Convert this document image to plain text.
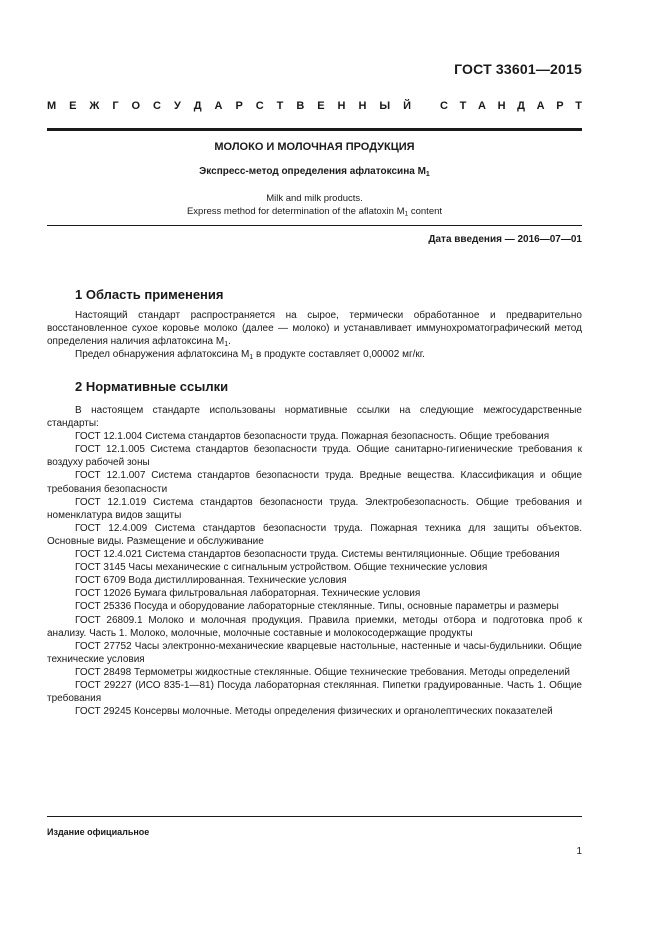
ГОСТ 33601—2015
М Е Ж Г О С У Д А Р С Т В Е Н Н Ы Й	С Т А Н Д А Р Т
МОЛОКО И МОЛОЧНАЯ ПРОДУКЦИЯ
Экспресс-метод определения афлатоксина $M_1$
Milk and milk products.
Express method for determination of the aflatoxin $M_1$ content
Дата введения — 2016—07—01
1 Область применения

Настоящий стандарт распространяется на сырое, термически обработанное и предварительно восстановленное сухое коровье молоко (далее — молоко) и устанавливает иммунохроматографический метод определения наличия афлатоксина $M_1$.

Предел обнаружения афлатоксина $M_1$ в продукте составляет 0,00002 мг/кг.

2 Нормативные ссылки

В настоящем стандарте использованы нормативные ссылки на следующие межгосударственные стандарты:

ГОСТ 12.1.004 Система стандартов безопасности труда. Пожарная безопасность. Общие требования

ГОСТ 12.1.005 Система стандартов безопасности труда. Общие санитарно-гигиенические требования к воздуху рабочей зоны

ГОСТ 12.1.007 Система стандартов безопасности труда. Вредные вещества. Классификация и общие требования безопасности

ГОСТ 12.1.019 Система стандартов безопасности труда. Электробезопасность. Общие требования и номенклатура видов защиты

ГОСТ 12.4.009 Система стандартов безопасности труда. Пожарная техника для защиты объектов. Основные виды. Размещение и обслуживание

ГОСТ 12.4.021 Система стандартов безопасности труда. Системы вентиляционные. Общие требования

ГОСТ 3145 Часы механические с сигнальным устройством. Общие технические условия

ГОСТ 6709 Вода дистиллированная. Технические условия

ГОСТ 12026 Бумага фильтровальная лабораторная. Технические условия

ГОСТ 25336 Посуда и оборудование лабораторные стеклянные. Типы, основные параметры и размеры

ГОСТ 26809.1 Молоко и молочная продукция. Правила приемки, методы отбора и подготовка проб к анализу. Часть 1. Молоко, молочные, молочные составные и молокосодержащие продукты

ГОСТ 27752 Часы электронно-механические кварцевые настольные, настенные и часы-будильники. Общие технические условия

ГОСТ 28498 Термометры жидкостные стеклянные. Общие технические требования. Методы определений

ГОСТ 29227 (ИСО 835-1—81) Посуда лабораторная стеклянная. Пипетки градуированные. Часть 1. Общие требования

ГОСТ 29245 Консервы молочные. Методы определения физических и органолептических показателей

Издание официальное
1
